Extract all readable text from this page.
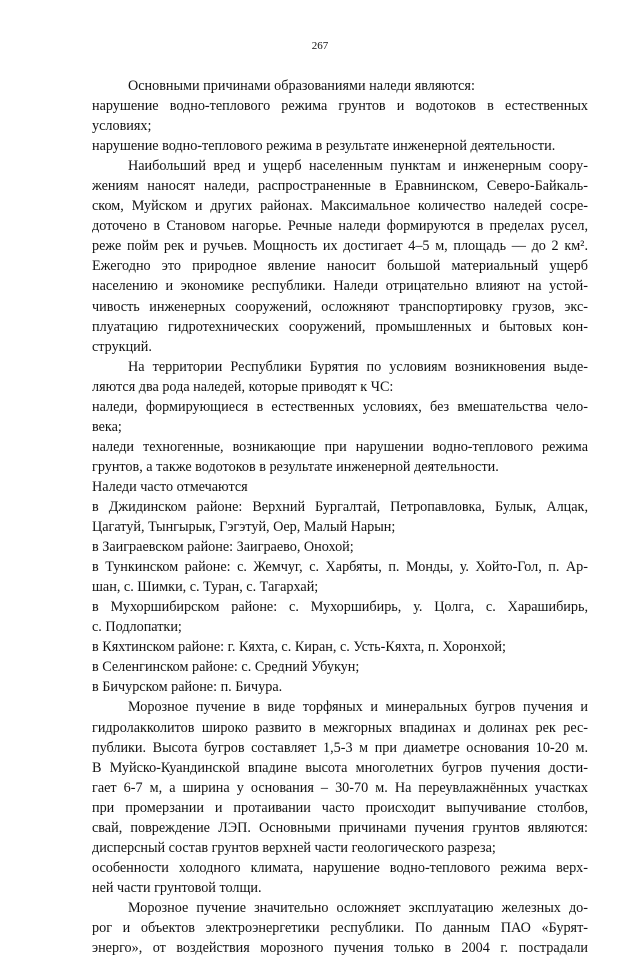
267
Основными причинами образованиями наледи являются:
нарушение водно-теплового режима грунтов и водотоков в естественных
условиях;
нарушение водно-теплового режима в результате инженерной деятельности.
Наибольший вред и ущерб населенным пунктам и инженерным соору-
жениям наносят наледи, распространенные в Еравнинском, Северо-Байкаль-
ском, Муйском и других районах. Максимальное количество наледей сосре-
доточено в Становом нагорье. Речные наледи формируются в пределах русел,
реже пойм рек и ручьев. Мощность их достигает 4–5 м, площадь — до 2 км².
Ежегодно это природное явление наносит большой материальный ущерб
населению и экономике республики. Наледи отрицательно влияют на устой-
чивость инженерных сооружений, осложняют транспортировку грузов, экс-
плуатацию гидротехнических сооружений, промышленных и бытовых кон-
струкций.
На территории Республики Бурятия по условиям возникновения выде-
ляются два рода наледей, которые приводят к ЧС:
наледи, формирующиеся в естественных условиях, без вмешательства чело-
века;
наледи техногенные, возникающие при нарушении водно-теплового режима
грунтов, а также водотоков в результате инженерной деятельности.
Наледи часто отмечаются
в Джидинском районе: Верхний Бургалтай, Петропавловка, Булык, Алцак,
Цагатуй, Тынгырык, Гэгэтуй, Оер, Малый Нарын;
в Заиграевском районе: Заиграево, Онохой;
в Тункинском районе: с. Жемчуг, с. Харбяты, п. Монды, у. Хойто-Гол, п. Ар-
шан, с. Шимки, с. Туран, с. Тагархай;
в Мухоршибирском районе: с. Мухоршибирь, у. Цолга, с. Харашибирь,
с. Подлопатки;
в Кяхтинском районе: г. Кяхта, с. Киран, с. Усть-Кяхта, п. Хоронхой;
в Селенгинском районе: с. Средний Убукун;
в Бичурском районе: п. Бичура.
Морозное пучение в виде торфяных и минеральных бугров пучения и
гидролакколитов широко развито в межгорных впадинах и долинах рек рес-
публики. Высота бугров составляет 1,5-3 м при диаметре основания 10-20 м.
В Муйско-Куандинской впадине высота многолетних бугров пучения дости-
гает 6-7 м, а ширина у основания – 30-70 м. На переувлажнённых участках
при промерзании и протаивании часто происходит выпучивание столбов,
свай, повреждение ЛЭП. Основными причинами пучения грунтов являются:
дисперсный состав грунтов верхней части геологического разреза;
особенности холодного климата, нарушение водно-теплового режима верх-
ней части грунтовой толщи.
Морозное пучение значительно осложняет эксплуатацию железных до-
рог и объектов электроэнергетики республики. По данным ПАО «Бурят-
энерго», от воздействия морозного пучения только в 2004 г. пострадали
